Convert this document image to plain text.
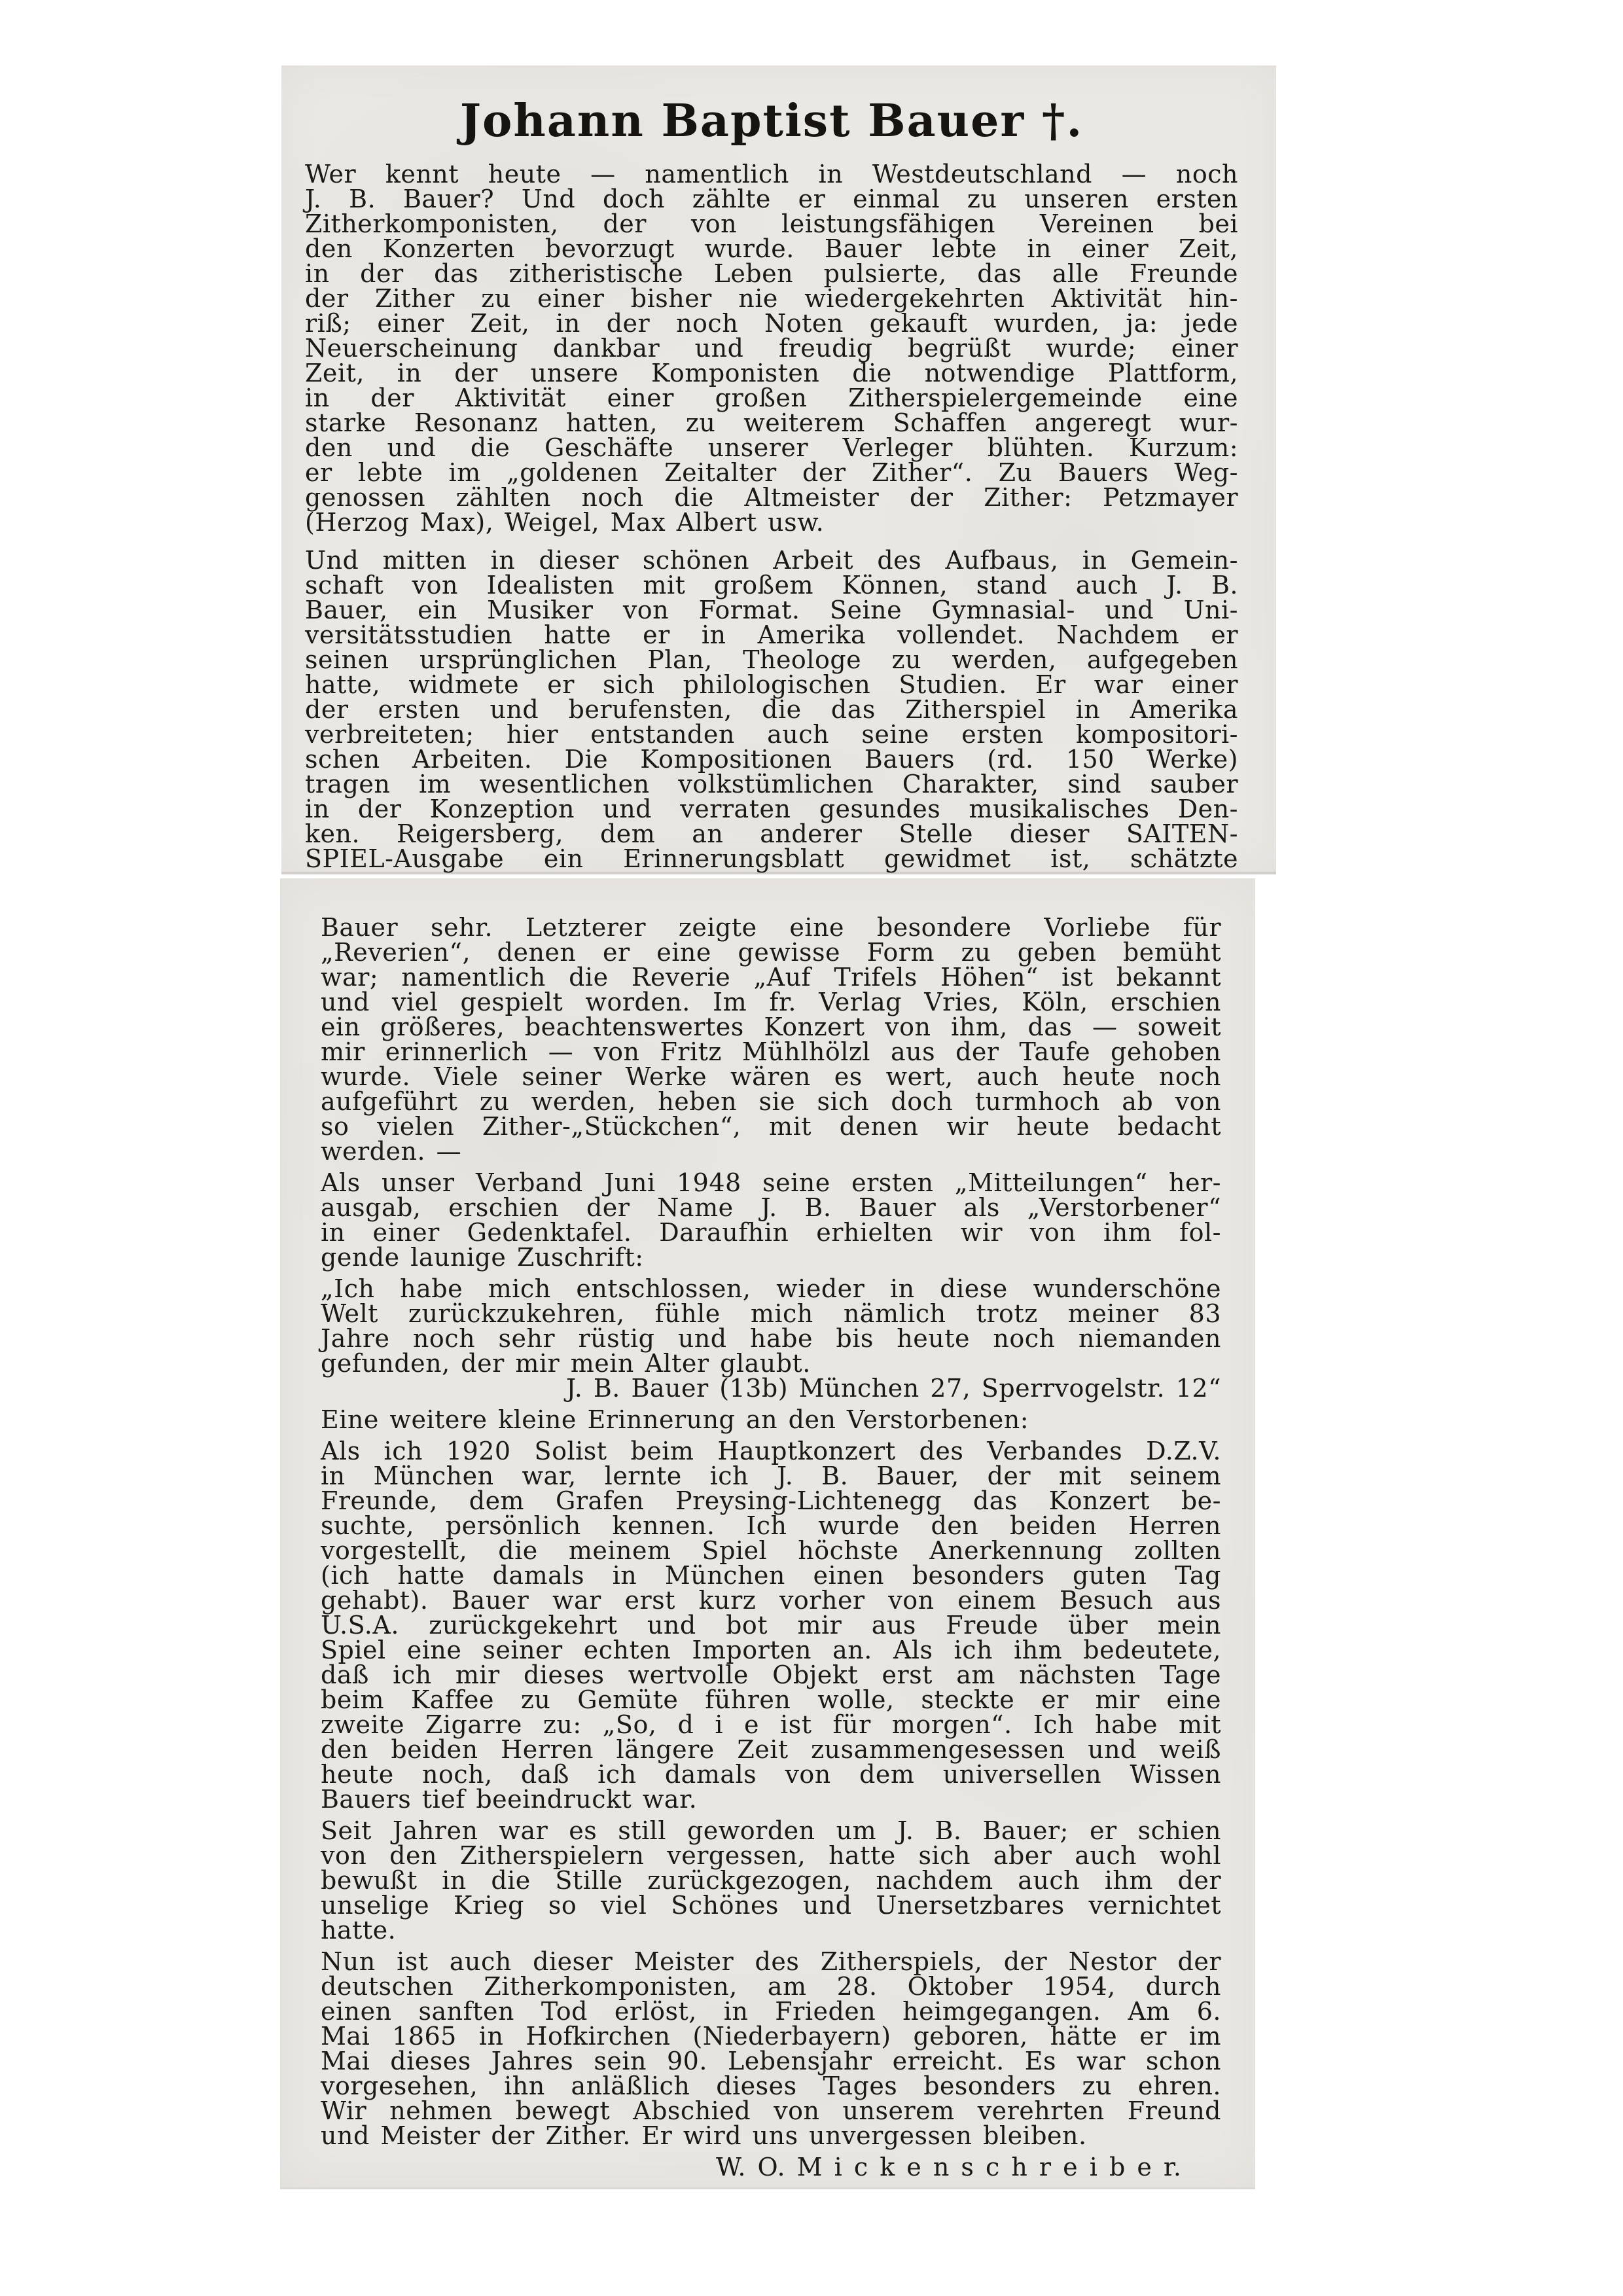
Johann Baptist Bauer †.
Wer kennt heute — namentlich in Westdeutschland — noch
J. B. Bauer? Und doch zählte er einmal zu unseren ersten
Zitherkomponisten, der von leistungsfähigen Vereinen bei
den Konzerten bevorzugt wurde. Bauer lebte in einer Zeit,
in der das zitheristische Leben pulsierte, das alle Freunde
der Zither zu einer bisher nie wiedergekehrten Aktivität hin-
riß; einer Zeit, in der noch Noten gekauft wurden, ja: jede
Neuerscheinung dankbar und freudig begrüßt wurde; einer
Zeit, in der unsere Komponisten die notwendige Plattform,
in der Aktivität einer großen Zitherspielergemeinde eine
starke Resonanz hatten, zu weiterem Schaffen angeregt wur-
den und die Geschäfte unserer Verleger blühten. Kurzum:
er lebte im „goldenen Zeitalter der Zither“. Zu Bauers Weg-
genossen zählten noch die Altmeister der Zither: Petzmayer
(Herzog Max), Weigel, Max Albert usw.
Und mitten in dieser schönen Arbeit des Aufbaus, in Gemein-
schaft von Idealisten mit großem Können, stand auch J. B.
Bauer, ein Musiker von Format. Seine Gymnasial- und Uni-
versitätsstudien hatte er in Amerika vollendet. Nachdem er
seinen ursprünglichen Plan, Theologe zu werden, aufgegeben
hatte, widmete er sich philologischen Studien. Er war einer
der ersten und berufensten, die das Zitherspiel in Amerika
verbreiteten; hier entstanden auch seine ersten kompositori-
schen Arbeiten. Die Kompositionen Bauers (rd. 150 Werke)
tragen im wesentlichen volkstümlichen Charakter, sind sauber
in der Konzeption und verraten gesundes musikalisches Den-
ken. Reigersberg, dem an anderer Stelle dieser SAITEN-
SPIEL-Ausgabe ein Erinnerungsblatt gewidmet ist, schätzte
Bauer sehr. Letzterer zeigte eine besondere Vorliebe für
„Reverien“, denen er eine gewisse Form zu geben bemüht
war; namentlich die Reverie „Auf Trifels Höhen“ ist bekannt
und viel gespielt worden. Im fr. Verlag Vries, Köln, erschien
ein größeres, beachtenswertes Konzert von ihm, das — soweit
mir erinnerlich — von Fritz Mühlhölzl aus der Taufe gehoben
wurde. Viele seiner Werke wären es wert, auch heute noch
aufgeführt zu werden, heben sie sich doch turmhoch ab von
so vielen Zither-„Stückchen“, mit denen wir heute bedacht
werden. —
Als unser Verband Juni 1948 seine ersten „Mitteilungen“ her-
ausgab, erschien der Name J. B. Bauer als „Verstorbener“
in einer Gedenktafel. Daraufhin erhielten wir von ihm fol-
gende launige Zuschrift:
„Ich habe mich entschlossen, wieder in diese wunderschöne
Welt zurückzukehren, fühle mich nämlich trotz meiner 83
Jahre noch sehr rüstig und habe bis heute noch niemanden
gefunden, der mir mein Alter glaubt.
J. B. Bauer (13b) München 27, Sperrvogelstr. 12“
Eine weitere kleine Erinnerung an den Verstorbenen:
Als ich 1920 Solist beim Hauptkonzert des Verbandes D.Z.V.
in München war, lernte ich J. B. Bauer, der mit seinem
Freunde, dem Grafen Preysing-Lichtenegg das Konzert be-
suchte, persönlich kennen. Ich wurde den beiden Herren
vorgestellt, die meinem Spiel höchste Anerkennung zollten
(ich hatte damals in München einen besonders guten Tag
gehabt). Bauer war erst kurz vorher von einem Besuch aus
U.S.A. zurückgekehrt und bot mir aus Freude über mein
Spiel eine seiner echten Importen an. Als ich ihm bedeutete,
daß ich mir dieses wertvolle Objekt erst am nächsten Tage
beim Kaffee zu Gemüte führen wolle, steckte er mir eine
zweite Zigarre zu: „So, d i e ist für morgen“. Ich habe mit
den beiden Herren längere Zeit zusammengesessen und weiß
heute noch, daß ich damals von dem universellen Wissen
Bauers tief beeindruckt war.
Seit Jahren war es still geworden um J. B. Bauer; er schien
von den Zitherspielern vergessen, hatte sich aber auch wohl
bewußt in die Stille zurückgezogen, nachdem auch ihm der
unselige Krieg so viel Schönes und Unersetzbares vernichtet
hatte.
Nun ist auch dieser Meister des Zitherspiels, der Nestor der
deutschen Zitherkomponisten, am 28. Oktober 1954, durch
einen sanften Tod erlöst, in Frieden heimgegangen. Am 6.
Mai 1865 in Hofkirchen (Niederbayern) geboren, hätte er im
Mai dieses Jahres sein 90. Lebensjahr erreicht. Es war schon
vorgesehen, ihn anläßlich dieses Tages besonders zu ehren.
Wir nehmen bewegt Abschied von unserem verehrten Freund
und Meister der Zither. Er wird uns unvergessen bleiben.
W. O. M i c k e n s c h r e i b e r.
